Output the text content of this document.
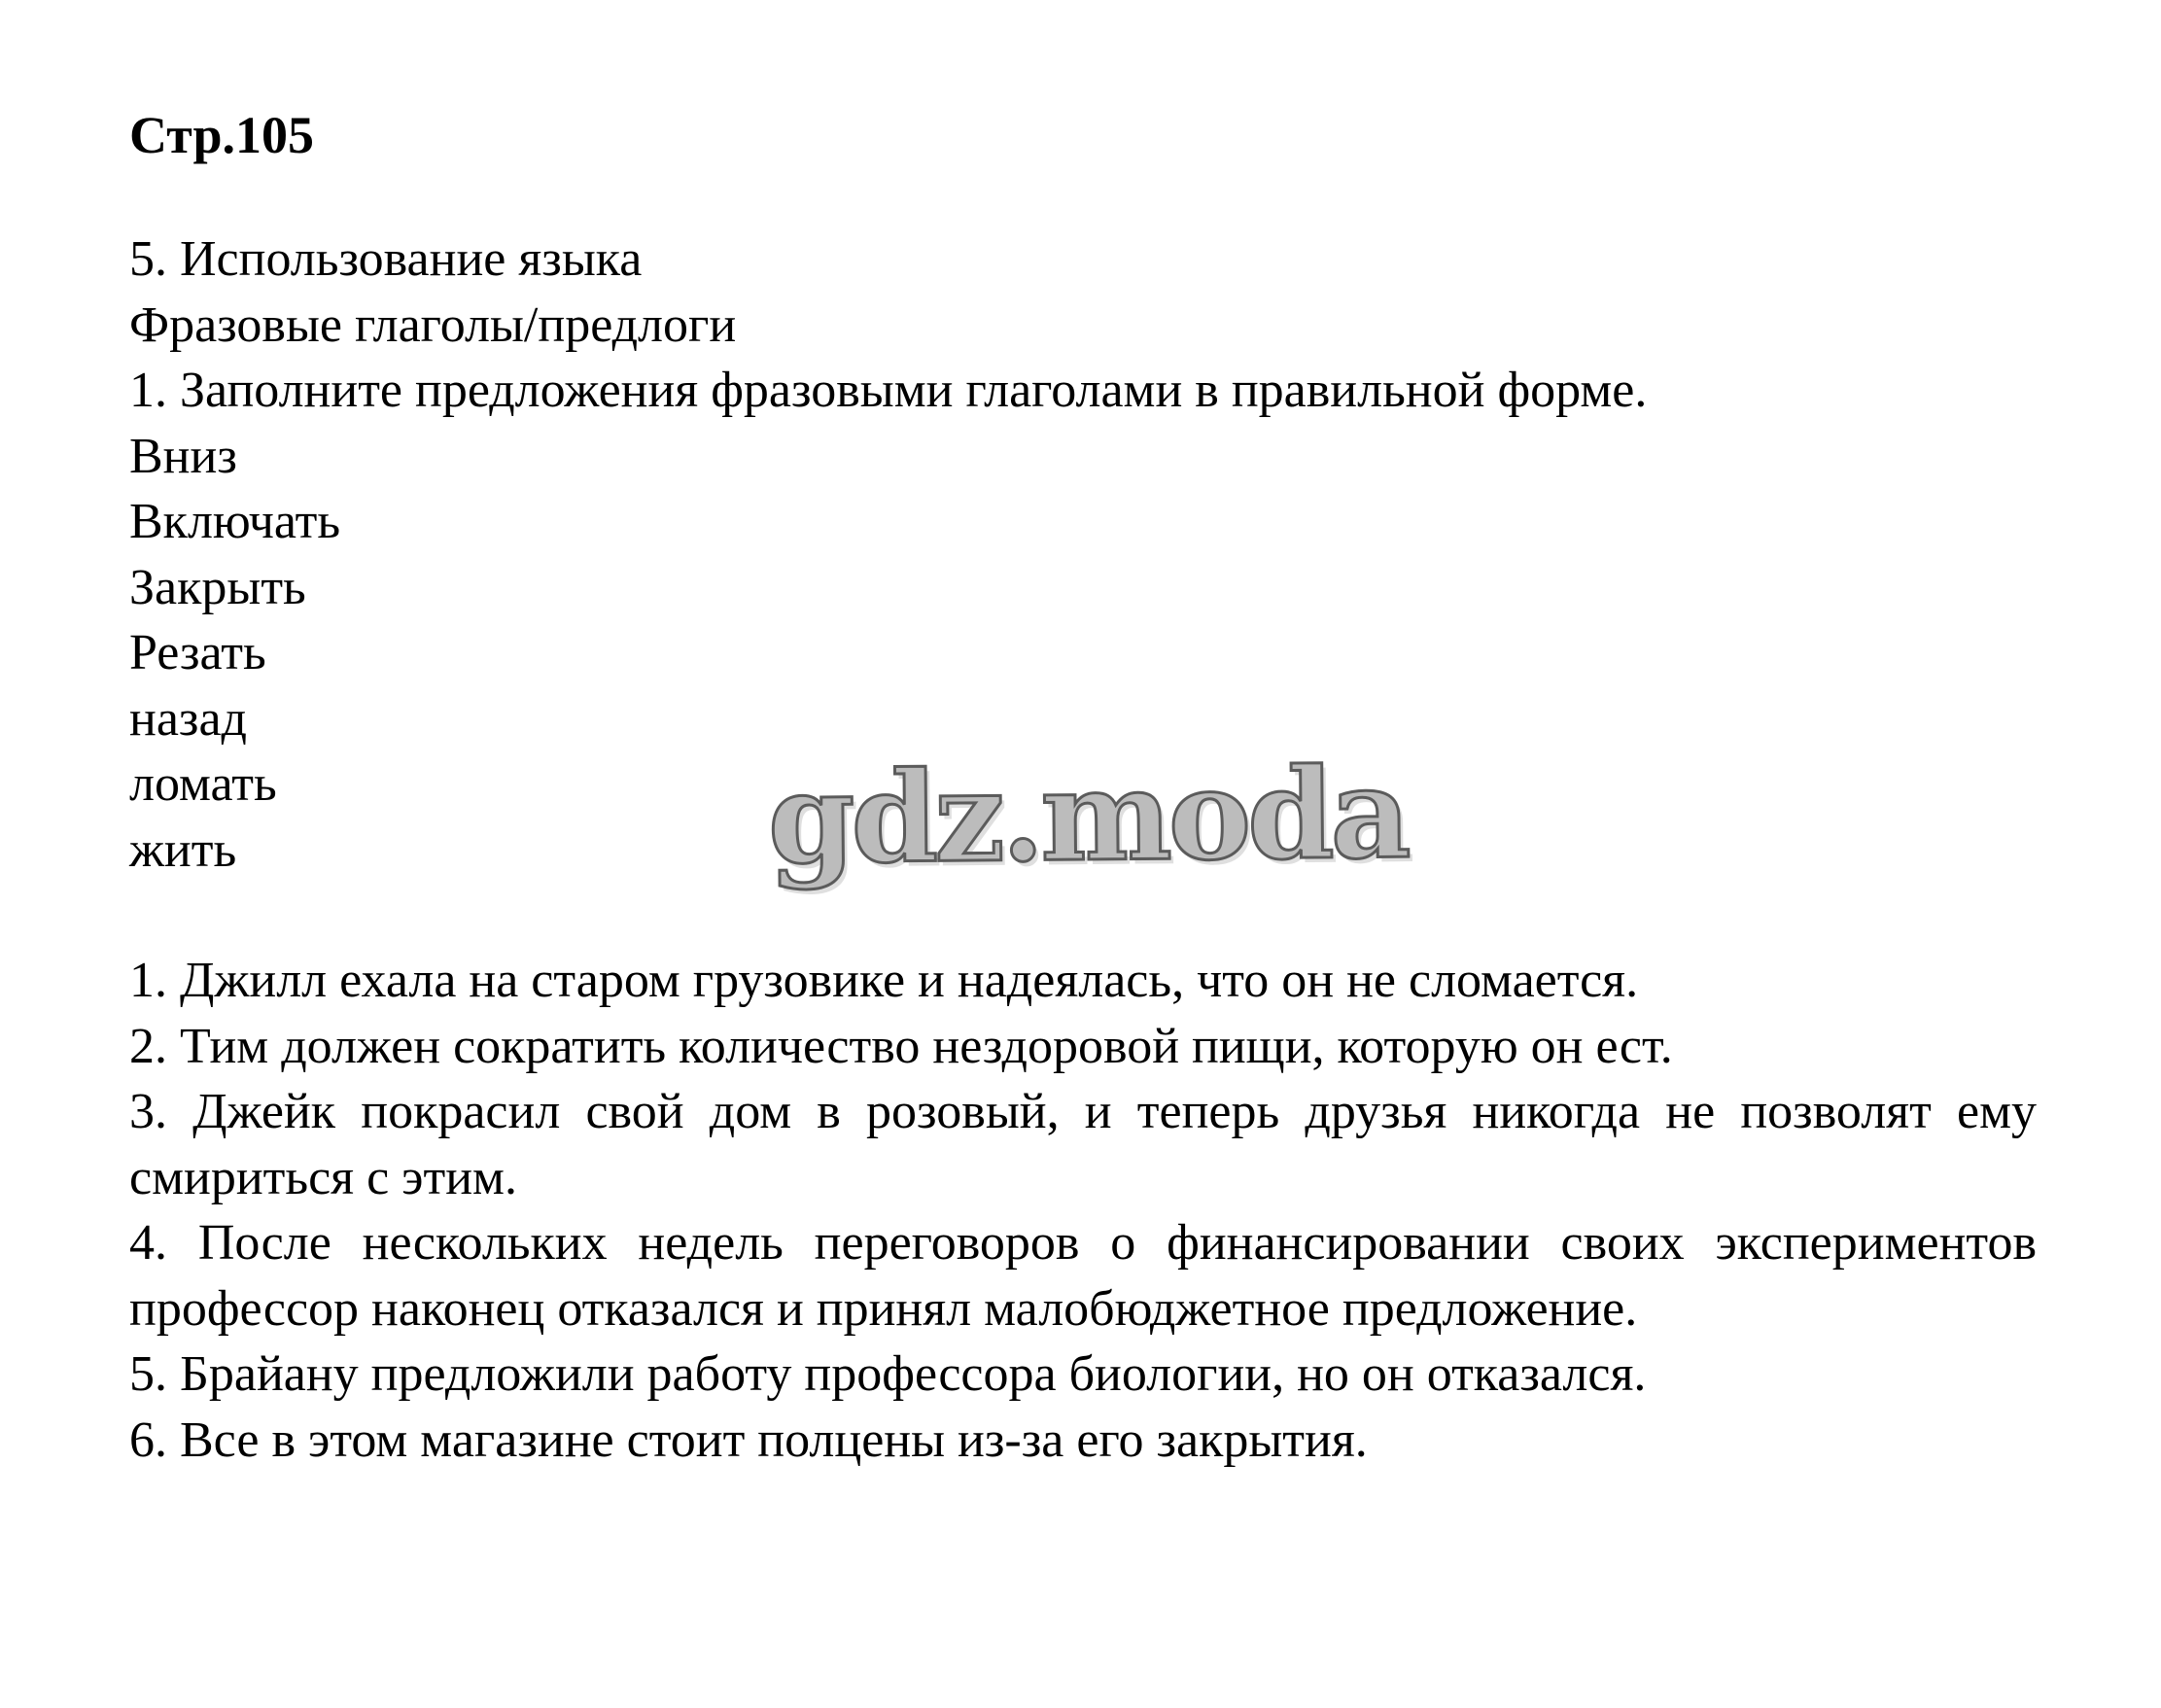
Стр.105

5. Использование языка

Фразовые глаголы/предлоги

1. Заполните предложения фразовыми глаголами в правильной форме.

Вниз

Включать

Закрыть

Резать

назад

ломать

жить

1. Джилл ехала на старом грузовике и надеялась, что он не сломается.

2. Тим должен сократить количество нездоровой пищи, которую он ест.

3. Джейк покрасил свой дом в розовый, и теперь друзья никогда не позволят ему смириться с этим.

4. После нескольких недель переговоров о финансировании своих экспериментов профессор наконец отказался и принял малобюджетное предложение.

5. Брайану предложили работу профессора биологии, но он отказался.

6. Все в этом магазине стоит полцены из-за его закрытия.

gdz.moda
